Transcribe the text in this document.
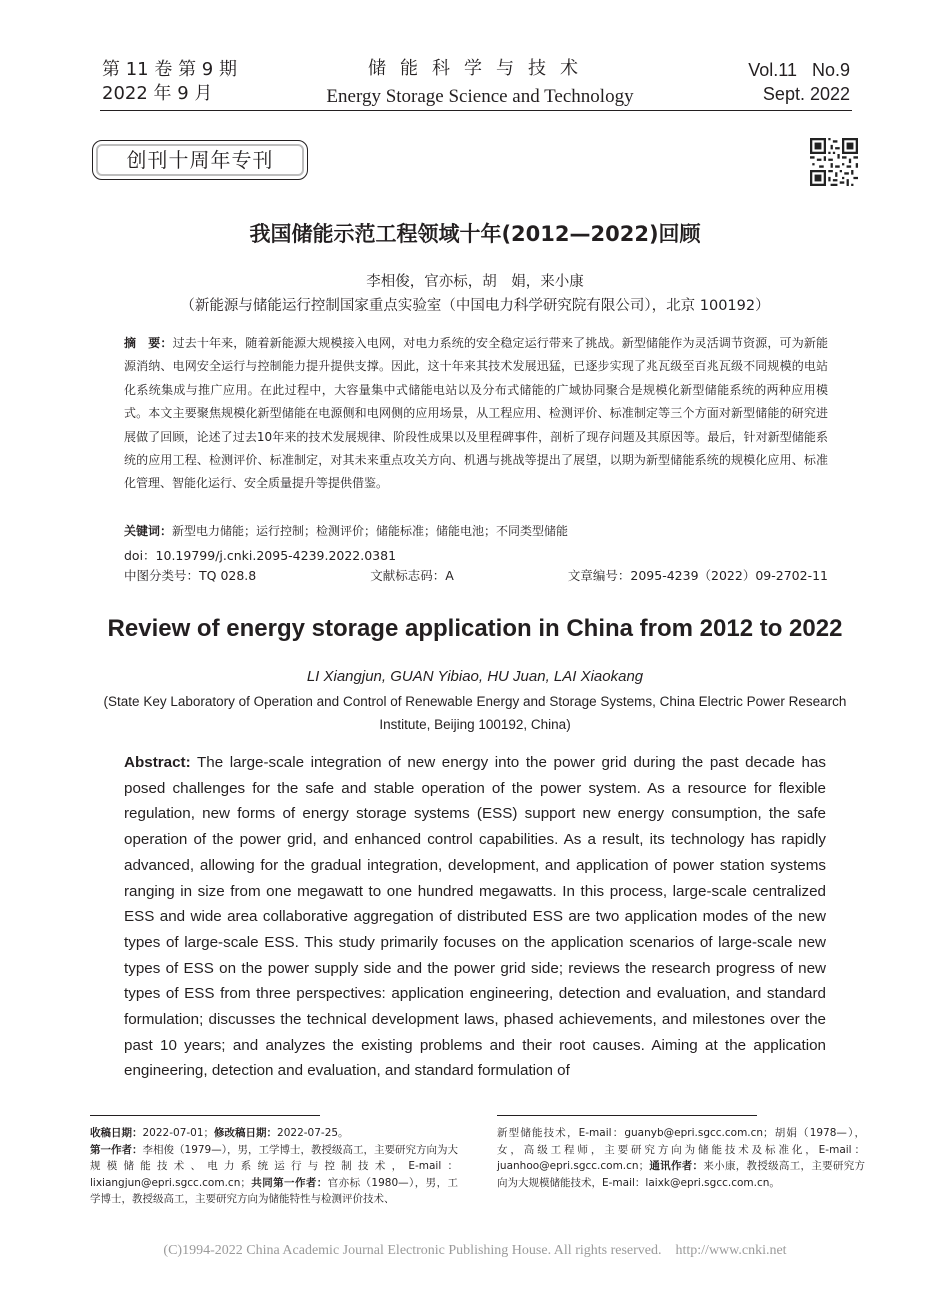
第 11 卷 第 9 期
2022 年 9 月
储能科学与技术
Energy Storage Science and Technology
Vol.11   No.9
Sept. 2022
创刊十周年专刊
我国储能示范工程领域十年(2012—2022)回顾
李相俊，官亦标，胡　娟，来小康
（新能源与储能运行控制国家重点实验室（中国电力科学研究院有限公司），北京 100192）
摘　要：过去十年来，随着新能源大规模接入电网，对电力系统的安全稳定运行带来了挑战。新型储能作为灵活调节资源，可为新能源消纳、电网安全运行与控制能力提升提供支撑。因此，这十年来其技术发展迅猛，已逐步实现了兆瓦级至百兆瓦级不同规模的电站化系统集成与推广应用。在此过程中，大容量集中式储能电站以及分布式储能的广域协同聚合是规模化新型储能系统的两种应用模式。本文主要聚焦规模化新型储能在电源侧和电网侧的应用场景，从工程应用、检测评价、标准制定等三个方面对新型储能的研究进展做了回顾，论述了过去10年来的技术发展规律、阶段性成果以及里程碑事件，剖析了现存问题及其原因等。最后，针对新型储能系统的应用工程、检测评价、标准制定，对其未来重点攻关方向、机遇与挑战等提出了展望，以期为新型储能系统的规模化应用、标准化管理、智能化运行、安全质量提升等提供借鉴。
关键词：新型电力储能；运行控制；检测评价；储能标准；储能电池；不同类型储能
doi：10.19799/j.cnki.2095-4239.2022.0381
中图分类号：TQ 028.8	文献标志码：A	文章编号：2095-4239（2022）09-2702-11
Review of energy storage application in China from 2012 to 2022
LI Xiangjun, GUAN Yibiao, HU Juan, LAI Xiaokang
(State Key Laboratory of Operation and Control of Renewable Energy and Storage Systems, China Electric Power Research Institute, Beijing 100192, China)
Abstract: The large-scale integration of new energy into the power grid during the past decade has posed challenges for the safe and stable operation of the power system. As a resource for flexible regulation, new forms of energy storage systems (ESS) support new energy consumption, the safe operation of the power grid, and enhanced control capabilities. As a result, its technology has rapidly advanced, allowing for the gradual integration, development, and application of power station systems ranging in size from one megawatt to one hundred megawatts. In this process, large-scale centralized ESS and wide area collaborative aggregation of distributed ESS are two application modes of the new types of large-scale ESS. This study primarily focuses on the application scenarios of large-scale new types of ESS on the power supply side and the power grid side; reviews the research progress of new types of ESS from three perspectives: application engineering, detection and evaluation, and standard formulation; discusses the technical development laws, phased achievements, and milestones over the past 10 years; and analyzes the existing problems and their root causes. Aiming at the application engineering, detection and evaluation, and standard formulation of
收稿日期：2022-07-01；修改稿日期：2022-07-25。
第一作者：李相俊（1979—），男，工学博士，教授级高工，主要研究方向为大规模储能技术、电力系统运行与控制技术，E-mail：lixiangjun@epri.sgcc.com.cn；共同第一作者：官亦标（1980—），男，工学博士，教授级高工，主要研究方向为储能特性与检测评价技术、
新型储能技术，E-mail：guanyb@epri.sgcc.com.cn；胡娟（1978—），女，高级工程师，主要研究方向为储能技术及标准化，E-mail：juanhoo@epri.sgcc.com.cn；通讯作者：来小康，教授级高工，主要研究方向为大规模储能技术，E-mail：laixk@epri.sgcc.com.cn。
(C)1994-2022 China Academic Journal Electronic Publishing House. All rights reserved.    http://www.cnki.net
